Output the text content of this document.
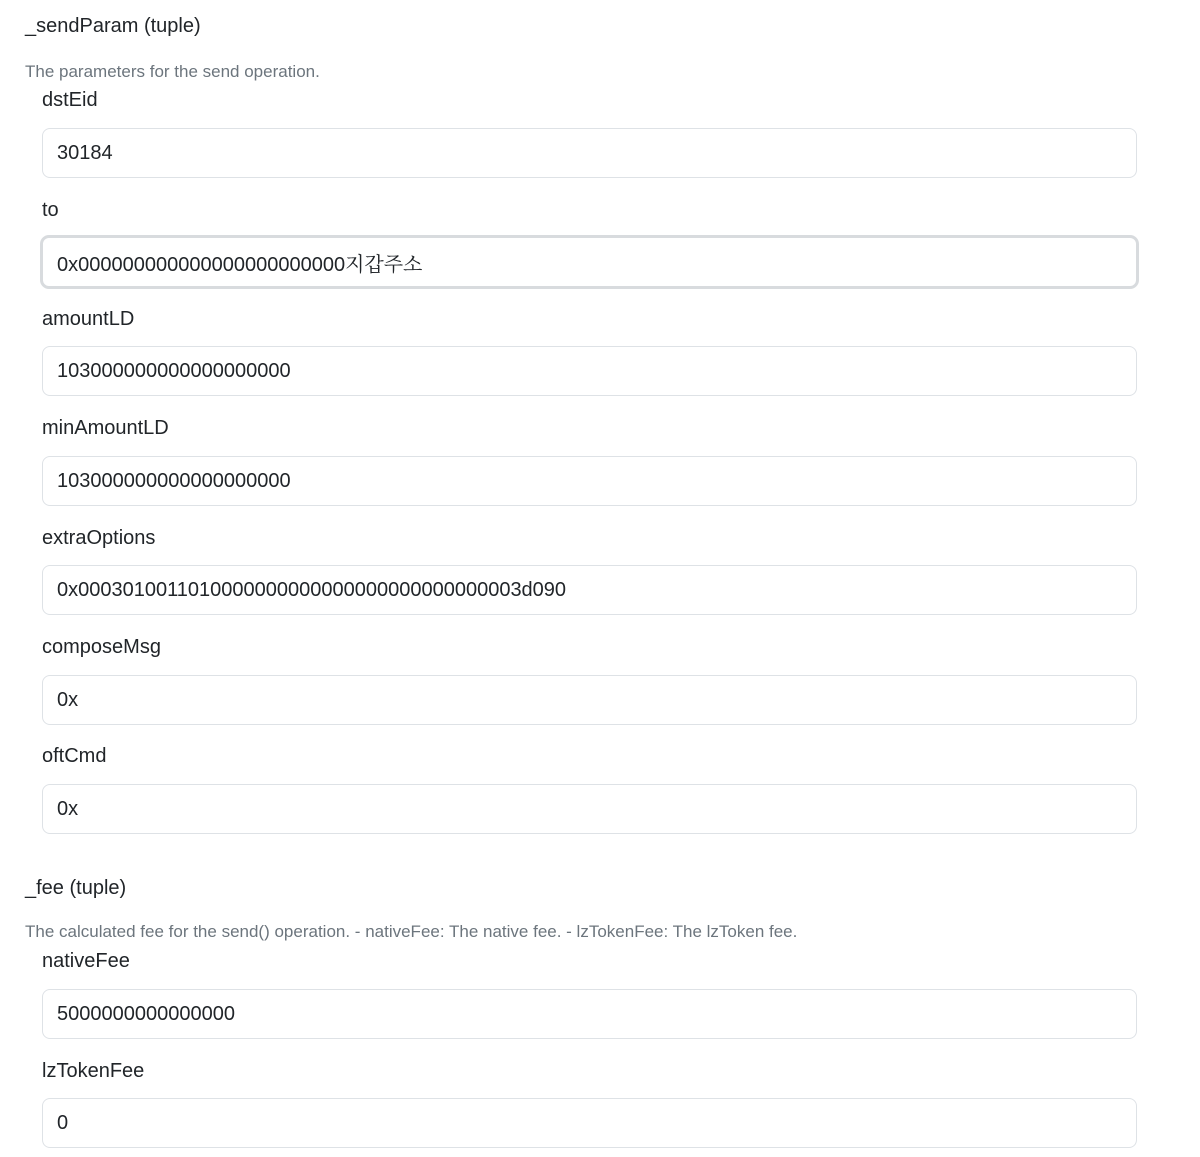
_sendParam (tuple)
The parameters for the send operation.
dstEid
30184
to
0x000000000000000000000000지갑주소
amountLD
103000000000000000000
minAmountLD
103000000000000000000
extraOptions
0x0003010011010000000000000000000000000003d090
composeMsg
0x
oftCmd
0x
_fee (tuple)
The calculated fee for the send() operation. - nativeFee: The native fee. - lzTokenFee: The lzToken fee.
nativeFee
5000000000000000
lzTokenFee
0
